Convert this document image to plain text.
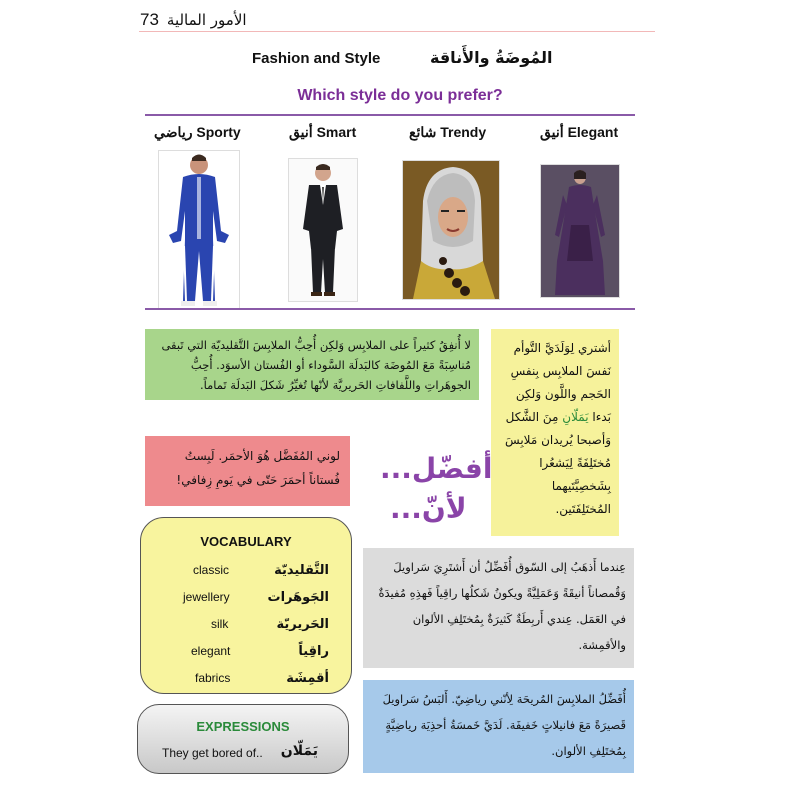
73 الأمور المالية
Fashion and Style	المُوضَةُ والأَناقة
Which style do you prefer?
رياضي Sporty	أنيق Smart	شائع Trendy	أنيق Elegant
لا أُنفِقُ كثيراً على الملابِس وَلكِن أُحِبُّ الملابِسَ التَّقليديّة التي تَبقى مُناسِبَةً مَعَ المُوضَة كالبَدلَة السَّوداء أو الفُستان الأسوَد. أُحِبُّ الجوهَراتِ واللَّفافاتِ الحَريريَّة لأنّها تُغيِّرُ شَكلَ البَدلَة تَماماً.
أشتري لِوَلَدَيَّ التَّوأم نَفسَ الملابِس بِنفسِ الحَجم واللَّون وَلكِن بَدءا يَمَلّانِ مِنَ الشَّكل وَأصبحا يُريدان مَلابِسَ مُختَلِفَةً لِيَشعُرا بِشَخصِيَّتَيهما المُختَلِفَتَين.
لوني المُفَضَّل هُوَ الأحمَر. لَبِستُ فُستاناً أحمَرَ حَتّى في يَومِ زِفافي!	أفضّل...
لأنّ...
VOCABULARY
classic	التَّقليديّة
jewellery	الجَوهَرات
silk	الحَريريّة
elegant	راقِياً
fabrics	أقمِشَة
عِندما أَذهَبُ إلى السّوق أُفَضِّلُ أن أَشتَرِيَ سَراويلَ وَقُمصاناً أنيقَةً وَعَمَلِيَّةً ويكونُ شَكلُها راقِياً فَهذِهِ مُفيدَةٌ في العَمَل. عِندي أَربِطَةٌ كَثيرَةٌ بِمُختَلِفِ الألوان والأقمِشة.
أُفَضِّلُ الملابِسَ المُريحَة لِأنّني رياضِيّ. أَلبَسُ سَراويلَ قَصيرَةً مَعَ فانيلاتٍ خَفيفَة. لَدَيَّ خَمسَةُ أحذِيَة رياضِيَّةٍ بِمُختَلِفِ الألوان.
EXPRESSIONS
They get bored of.. يَمَلّان
